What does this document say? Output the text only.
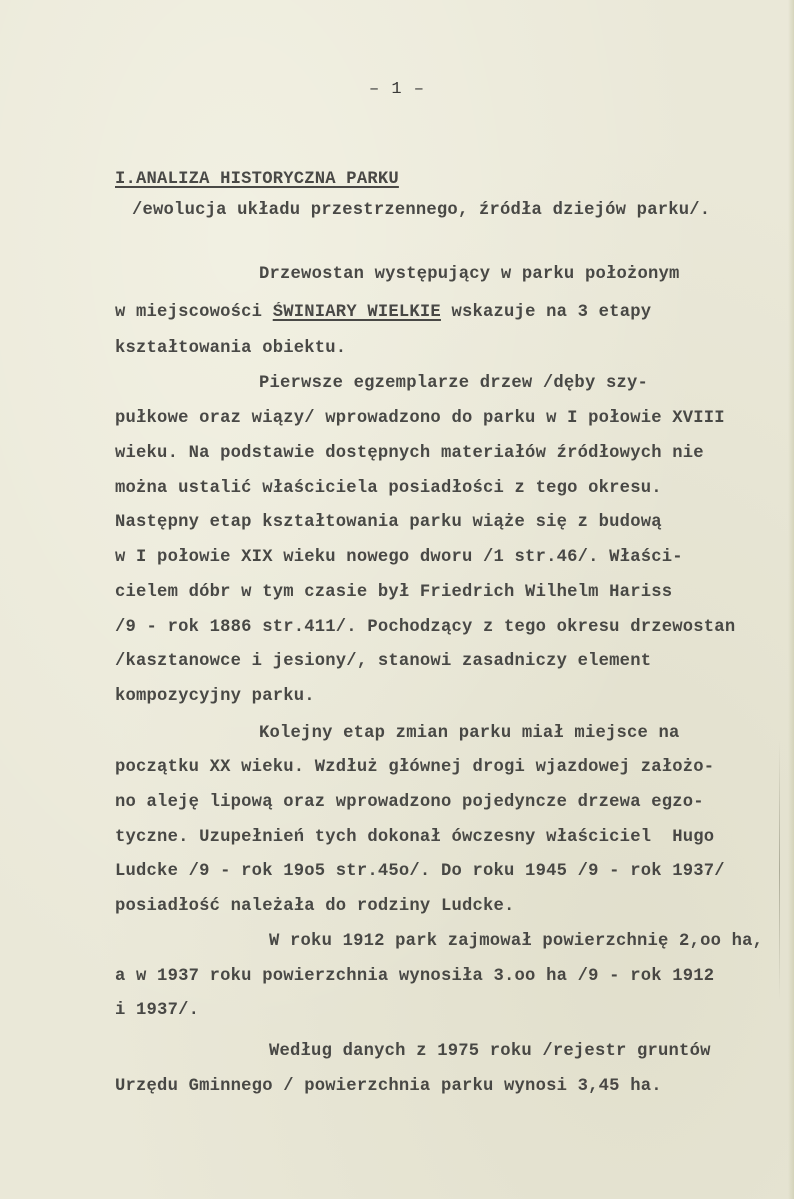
– 1 –
I.ANALIZA HISTORYCZNA PARKU
/ewolucja układu przestrzennego, źródła dziejów parku/.
Drzewostan występujący w parku położonym
w miejscowości ŚWINIARY WIELKIE wskazuje na 3 etapy
kształtowania obiektu.
Pierwsze egzemplarze drzew /dęby szy-
pułkowe oraz wiązy/ wprowadzono do parku w I połowie XVIII
wieku. Na podstawie dostępnych materiałów źródłowych nie
można ustalić właściciela posiadłości z tego okresu.
Następny etap kształtowania parku wiąże się z budową
w I połowie XIX wieku nowego dworu /1 str.46/. Właści-
cielem dóbr w tym czasie był Friedrich Wilhelm Hariss
/9 - rok 1886 str.411/. Pochodzący z tego okresu drzewostan
/kasztanowce i jesiony/, stanowi zasadniczy element
kompozycyjny parku.
Kolejny etap zmian parku miał miejsce na
początku XX wieku. Wzdłuż głównej drogi wjazdowej założo-
no aleję lipową oraz wprowadzono pojedyncze drzewa egzo-
tyczne. Uzupełnień tych dokonał ówczesny właściciel  Hugo
Ludcke /9 - rok 19o5 str.45o/. Do roku 1945 /9 - rok 1937/
posiadłość należała do rodziny Ludcke.
W roku 1912 park zajmował powierzchnię 2,oo ha,
a w 1937 roku powierzchnia wynosiła 3.oo ha /9 - rok 1912
i 1937/.
Według danych z 1975 roku /rejestr gruntów
Urzędu Gminnego / powierzchnia parku wynosi 3,45 ha.
